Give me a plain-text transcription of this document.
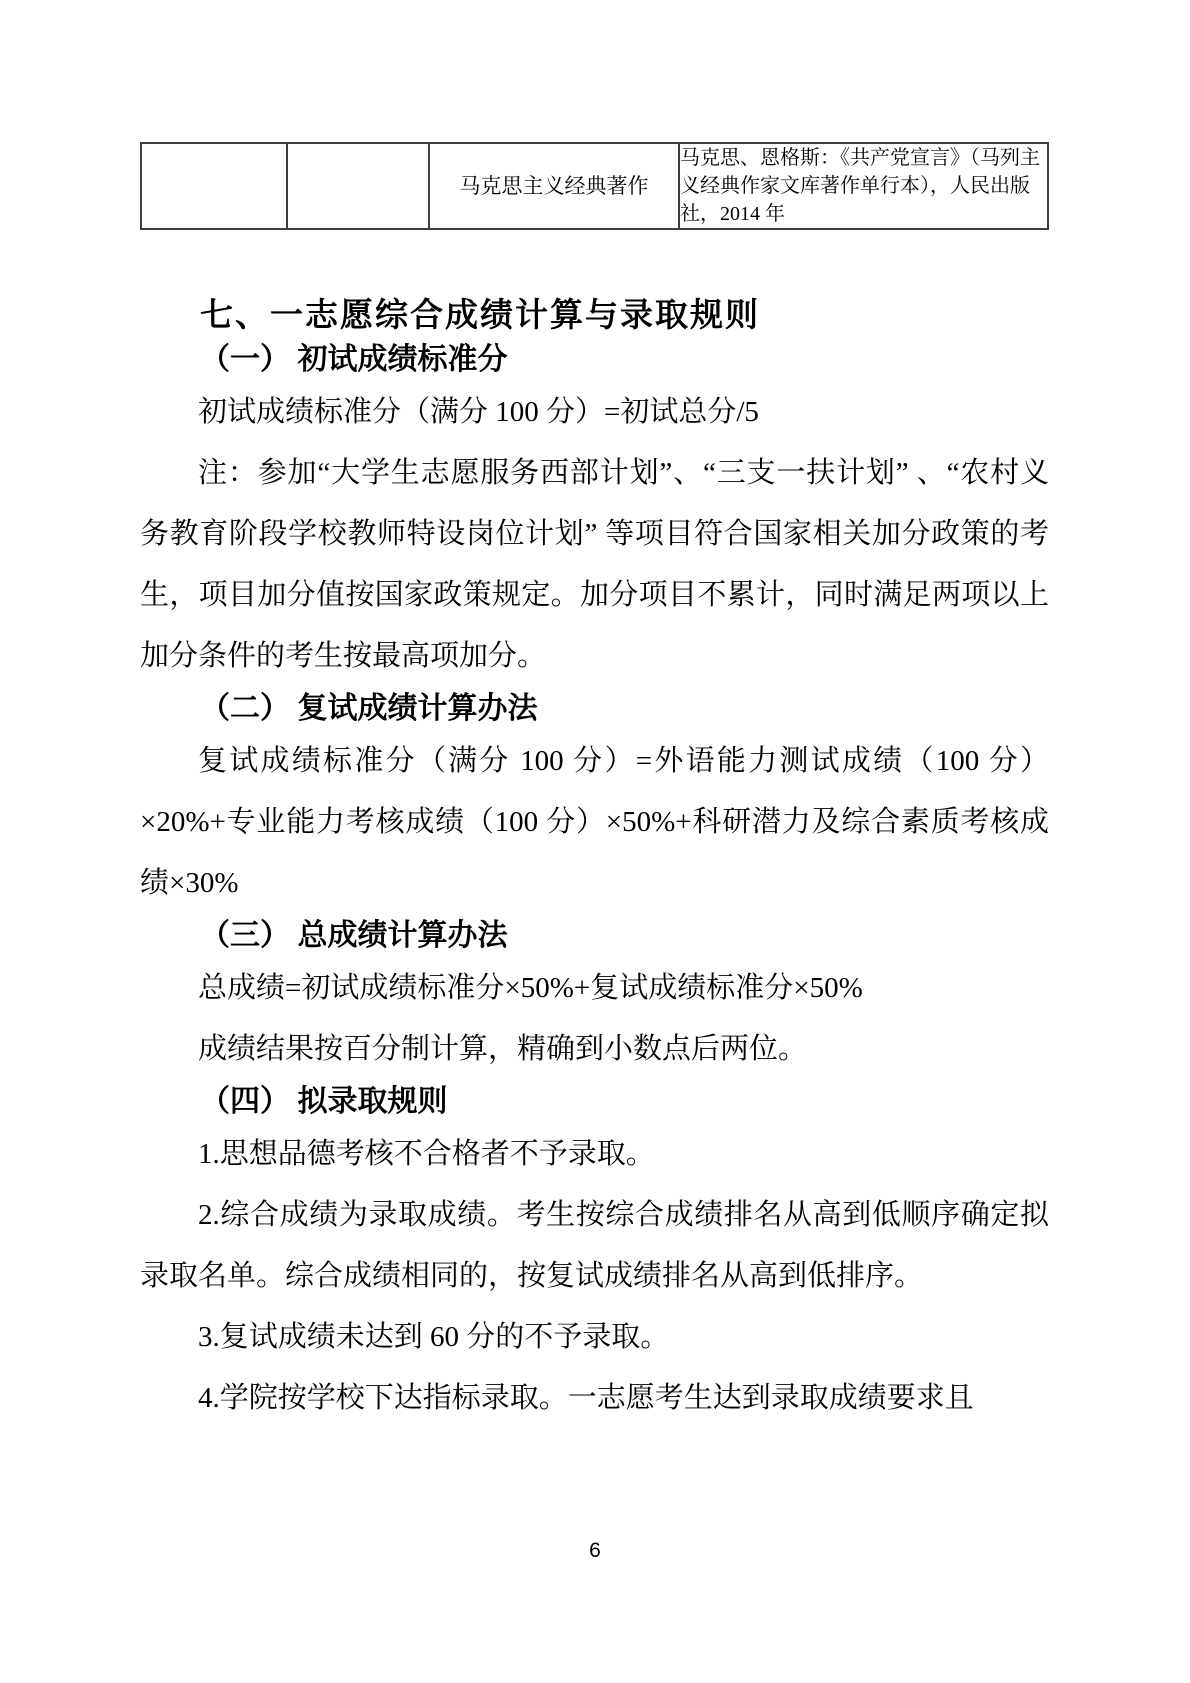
		马克思主义经典著作	马克思、恩格斯：《共产党宣言》（马列主义经典作家文库著作单行本），人民出版社，2014 年
七、一志愿综合成绩计算与录取规则
（一） 初试成绩标准分

初试成绩标准分（满分 100 分）=初试总分/5

注：参加“大学生志愿服务西部计划”、“三支一扶计划” 、“农村义务教育阶段学校教师特设岗位计划” 等项目符合国家相关加分政策的考生，项目加分值按国家政策规定。加分项目不累计，同时满足两项以上加分条件的考生按最高项加分。

（二） 复试成绩计算办法

复试成绩标准分（满分 100 分）=外语能力测试成绩（100 分）×20%+专业能力考核成绩（100 分）×50%+科研潜力及综合素质考核成绩×30%

（三） 总成绩计算办法

总成绩=初试成绩标准分×50%+复试成绩标准分×50%

成绩结果按百分制计算，精确到小数点后两位。

（四） 拟录取规则

1.思想品德考核不合格者不予录取。

2.综合成绩为录取成绩。考生按综合成绩排名从高到低顺序确定拟录取名单。综合成绩相同的，按复试成绩排名从高到低排序。

3.复试成绩未达到 60 分的不予录取。

4.学院按学校下达指标录取。一志愿考生达到录取成绩要求且

6
